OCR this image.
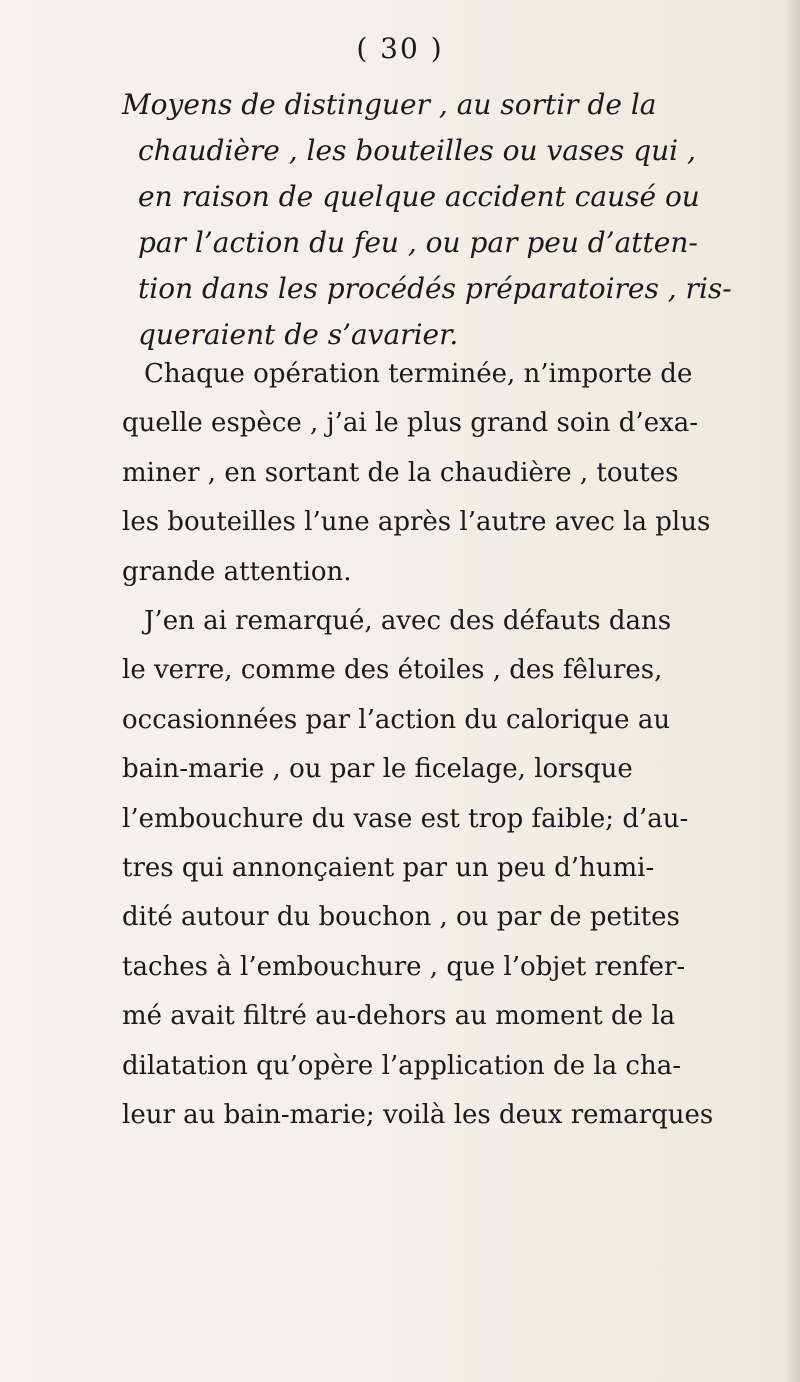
( 30 )
Moyens de distinguer , au sortir de la
chaudière , les bouteilles ou vases qui ,
en raison de quelque accident causé ou
par l’action du feu , ou par peu d’atten-
tion dans les procédés préparatoires , ris-
queraient de s’avarier.
Chaque opération terminée, n’importe de
quelle espèce , j’ai le plus grand soin d’exa-
miner , en sortant de la chaudière , toutes
les bouteilles l’une après l’autre avec la plus
grande attention.
J’en ai remarqué, avec des défauts dans
le verre, comme des étoiles , des fêlures,
occasionnées par l’action du calorique au
bain-marie , ou par le ficelage, lorsque
l’embouchure du vase est trop faible; d’au-
tres qui annonçaient par un peu d’humi-
dité autour du bouchon , ou par de petites
taches à l’embouchure , que l’objet renfer-
mé avait filtré au-dehors au moment de la
dilatation qu’opère l’application de la cha-
leur au bain-marie; voilà les deux remarques
